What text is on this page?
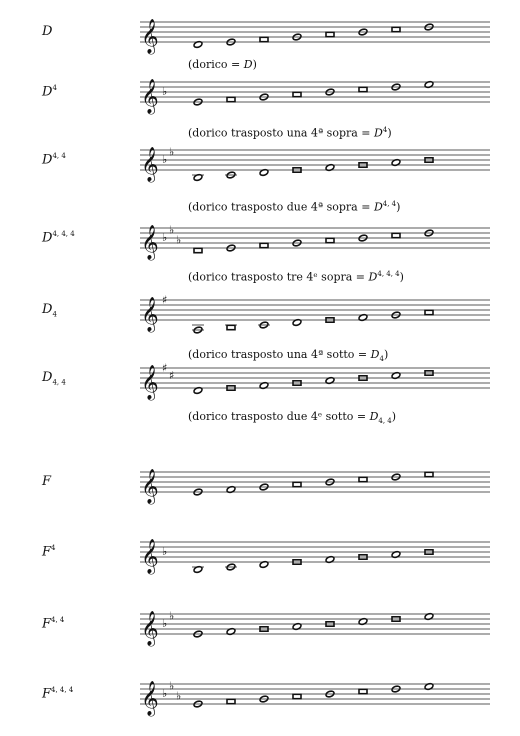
D	𝄞
(dorico = D)
$D^4$	𝄞 ♭
(dorico trasposto una 4ª sopra = $D^4$)
D$^{4, 4}$	𝄞 ♭
♭
(dorico trasposto due 4ª sopra = D$^{4, 4}$)
D$^{4, 4, 4}$ 𝄞 ♭
♭
♭
(dorico trasposto tre 4ᵉ sopra = D$^{4, 4, 4}$)
$D_4$	𝄞 ♯
(dorico trasposto una 4ª sotto = $D_4$)
$D_{4, 4}$	𝄞 ♯
♯
(dorico trasposto due 4ᵉ sotto = $D_{4, 4}$)
F	𝄞
$F^4$	𝄞 ♭
F$^{4, 4}$	𝄞 ♭
♭
F$^{4, 4, 4}$ 𝄞 ♭
♭
♭
